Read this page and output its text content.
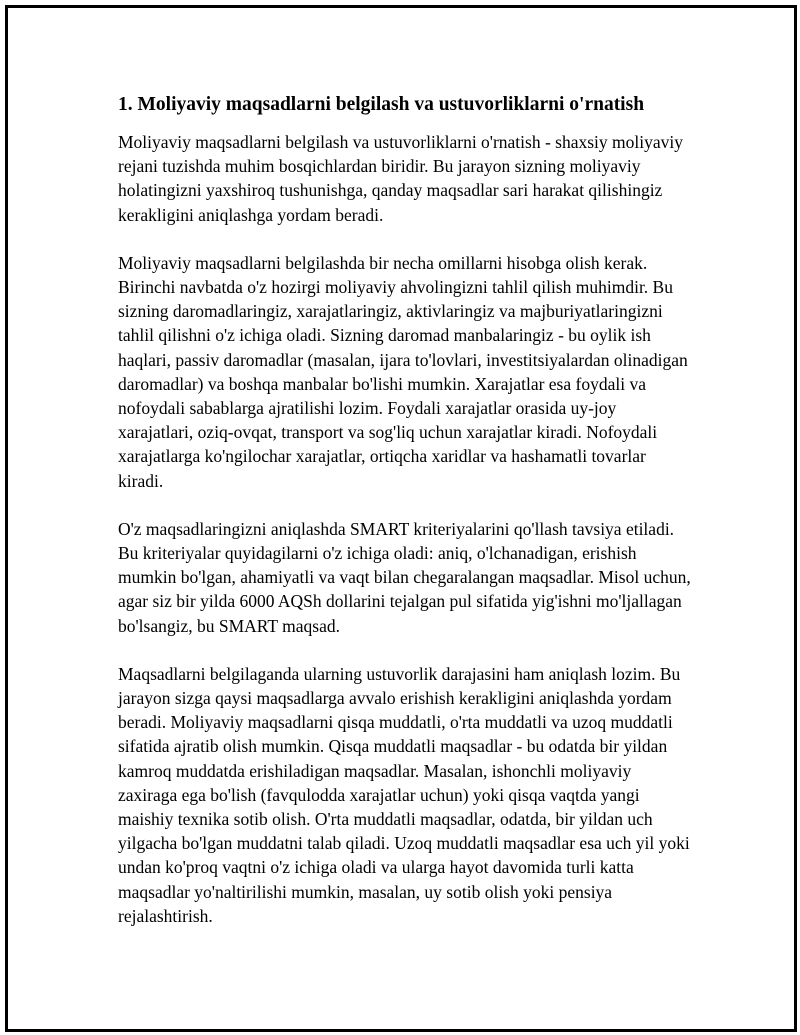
1. Moliyaviy maqsadlarni belgilash va ustuvorliklarni o'rnatish

Moliyaviy maqsadlarni belgilash va ustuvorliklarni o'rnatish - shaxsiy moliyaviy rejani tuzishda muhim bosqichlardan biridir. Bu jarayon sizning moliyaviy holatingizni yaxshiroq tushunishga, qanday maqsadlar sari harakat qilishingiz kerakligini aniqlashga yordam beradi.

Moliyaviy maqsadlarni belgilashda bir necha omillarni hisobga olish kerak. Birinchi navbatda o'z hozirgi moliyaviy ahvolingizni tahlil qilish muhimdir. Bu sizning daromadlaringiz, xarajatlaringiz, aktivlaringiz va majburiyatlaringizni tahlil qilishni o'z ichiga oladi. Sizning daromad manbalaringiz - bu oylik ish haqlari, passiv daromadlar (masalan, ijara to'lovlari, investitsiyalardan olinadigan daromadlar) va boshqa manbalar bo'lishi mumkin. Xarajatlar esa foydali va nofoydali sabablarga ajratilishi lozim. Foydali xarajatlar orasida uy-joy xarajatlari, oziq-ovqat, transport va sog'liq uchun xarajatlar kiradi. Nofoydali xarajatlarga ko'ngilochar xarajatlar, ortiqcha xaridlar va hashamatli tovarlar kiradi.

O'z maqsadlaringizni aniqlashda SMART kriteriyalarini qo'llash tavsiya etiladi. Bu kriteriyalar quyidagilarni o'z ichiga oladi: aniq, o'lchanadigan, erishish mumkin bo'lgan, ahamiyatli va vaqt bilan chegaralangan maqsadlar. Misol uchun, agar siz bir yilda 6000 AQSh dollarini tejalgan pul sifatida yig'ishni mo'ljallagan bo'lsangiz, bu SMART maqsad.

Maqsadlarni belgilaganda ularning ustuvorlik darajasini ham aniqlash lozim. Bu jarayon sizga qaysi maqsadlarga avvalo erishish kerakligini aniqlashda yordam beradi. Moliyaviy maqsadlarni qisqa muddatli, o'rta muddatli va uzoq muddatli sifatida ajratib olish mumkin. Qisqa muddatli maqsadlar - bu odatda bir yildan kamroq muddatda erishiladigan maqsadlar. Masalan, ishonchli moliyaviy zaxiraga ega bo'lish (favqulodda xarajatlar uchun) yoki qisqa vaqtda yangi maishiy texnika sotib olish. O'rta muddatli maqsadlar, odatda, bir yildan uch yilgacha bo'lgan muddatni talab qiladi. Uzoq muddatli maqsadlar esa uch yil yoki undan ko'proq vaqtni o'z ichiga oladi va ularga hayot davomida turli katta maqsadlar yo'naltirilishi mumkin, masalan, uy sotib olish yoki pensiya rejalashtirish.
